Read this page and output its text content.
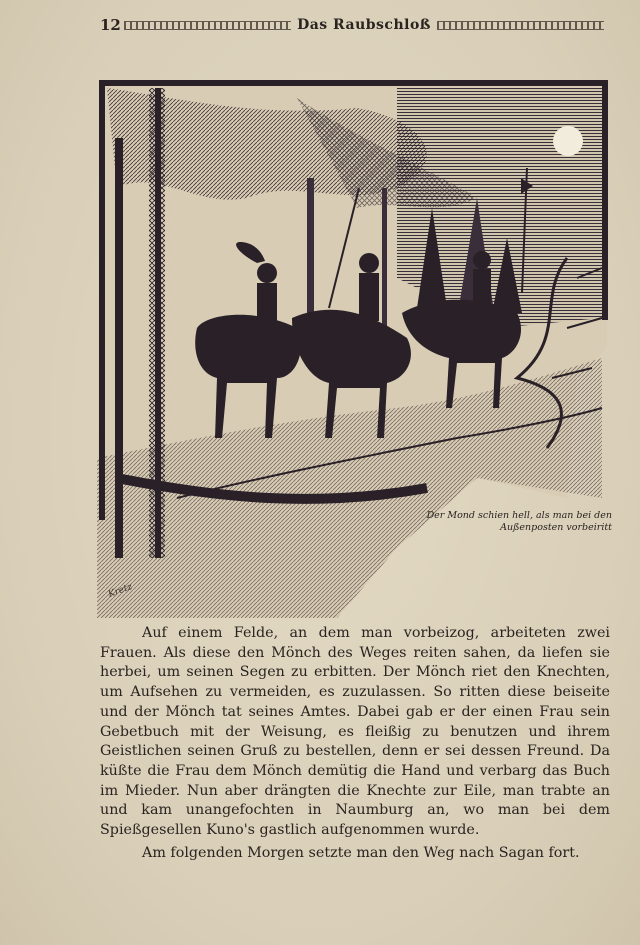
12	Das Raubschloß
Der Mond schien hell, als man bei den
Außenposten vorbeiritt
Kretz

Auf einem Felde, an dem man vorbeizog, arbeiteten zwei Frauen. Als diese den Mönch des Weges reiten sahen, da liefen sie herbei, um seinen Segen zu erbitten. Der Mönch riet den Knechten, um Aufsehen zu vermeiden, es zuzulassen. So ritten diese beiseite und der Mönch tat seines Amtes. Dabei gab er der einen Frau sein Gebetbuch mit der Weisung, es fleißig zu benutzen und ihrem Geistlichen seinen Gruß zu bestellen, denn er sei dessen Freund. Da küßte die Frau dem Mönch demütig die Hand und verbarg das Buch im Mieder. Nun aber drängten die Knechte zur Eile, man trabte an und kam unangefochten in Naumburg an, wo man bei dem Spießgesellen Kuno's gastlich aufgenommen wurde.

Am folgenden Morgen setzte man den Weg nach Sagan fort.
